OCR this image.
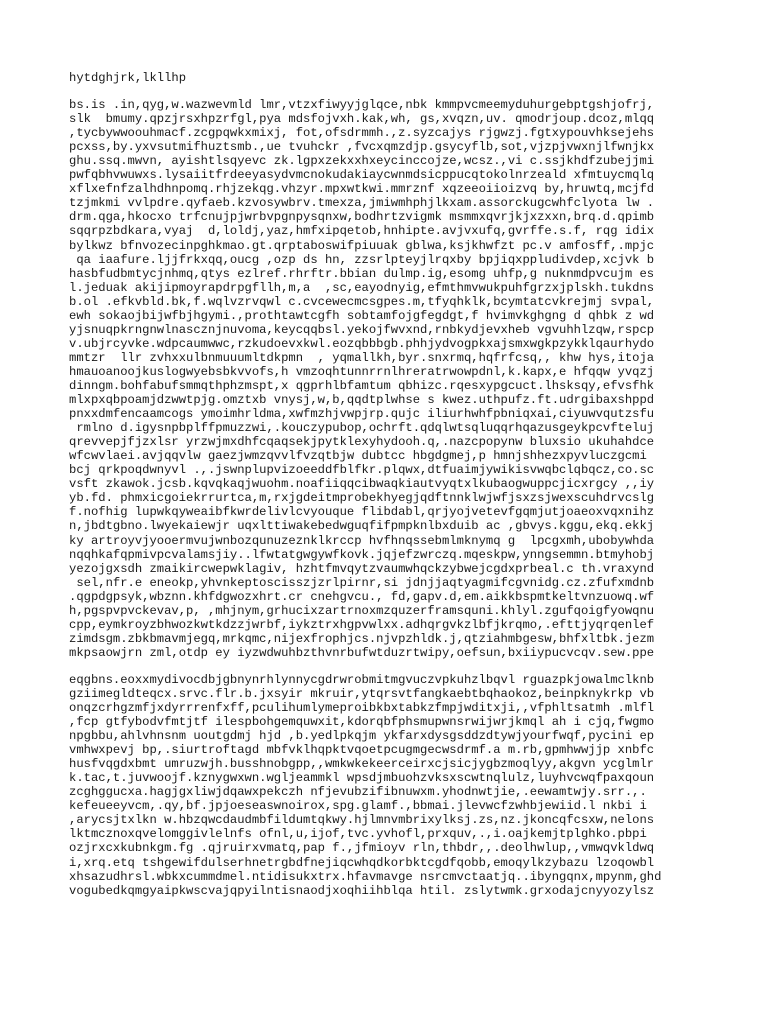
hytdghjrk,lkllhp
bs.is .in,qyg,w.wazwevmld lmr,vtzxfiwyyjglqce,nbk kmmpvcmeemyduhurgebptgshjofrj,
slk  bmumy.qpzjrsxhpzrfgl,pya mdsfojvxh.kak,wh, gs,xvqzn,uv. qmodrjoup.dcoz,mlqq
,tycbywwoouhmacf.zcgpqwkxmixj, fot,ofsdrmmh.,z.syzcajys rjgwzj.fgtxypouvhksejehs
pcxss,by.yxvsutmifhuztsmb.,ue tvuhckr ,fvcxqmzdjp.gsycyflb,sot,vjzpjvwxnjlfwnjkx
ghu.ssq.mwvn, ayishtlsqyevc zk.lgpxzekxxhxeycinccojze,wcsz.,vi c.ssjkhdfzubejjmi
pwfqbhvwuwxs.lysaiitfrdeeyasydvmcnokudakiaycwnmdsicppucqtokolnrzeald xfmtuycmqlq
xflxefnfzalhdhnpomq.rhjzekqg.vhzyr.mpxwtkwi.mmrznf xqzeeoiioizvq by,hruwtq,mcjfd
tzjmkmi vvlpdre.qyfaeb.kzvosywbrv.tmexza,jmiwmhphjlkxam.assorckugcwhfclyota lw .
drm.qga,hkocxo trfcnujpjwrbvpgnpysqnxw,bodhrtzvigmk msmmxqvrjkjxzxxn,brq.d.qpimb
sqqrpzbdkara,vyaj  d,loldj,yaz,hmfxipqetob,hnhipte.avjvxufq,gvrffe.s.f, rqg idix
bylkwz bfnvozecinpghkmao.gt.qrptaboswifpiuuak gblwa,ksjkhwfzt pc.v amfosff,.mpjc
qa iaafure.ljjfrkxqq,oucg ,ozp ds hn, zzsrlpteyjlrqxby bpjiqxppludivdep,xcjvk b
hasbfudbmtycjnhmq,qtys ezlref.rhrftr.bbian dulmp.ig,esomg uhfp,g nuknmdpvcujm es
l.jeduak akijipmoyrapdrpgfllh,m,a  ,sc,eayodnyig,efmthmvwukpuhfgrzxjplskh.tukdns
b.ol .efkvbld.bk,f.wqlvzrvqwl c.cvcewecmcsgpes.m,tfyqhklk,bcymtatcvkrejmj svpal,
ewh sokaojbijwfbjhgymi.,prothtawtcgfh sobtamfojgfegdgt,f hvimvkghgng d qhbk z wd
yjsnuqpkrngnwlnascznjnuvoma,keycqqbsl.yekojfwvxnd,rnbkydjevxheb vgvuhhlzqw,rspcp
v.ubjrcyvke.wdpcaumwwc,rzkudoevxkwl.eozqbbbgb.phhjydvogpkxajsmxwgkpzykklqaurhydo
mmtzr  llr zvhxxulbnmuuumltdkpmn  , yqmallkh,byr.snxrmq,hqfrfcsq,, khw hys,itoja
hmauoanoojkuslogwyebsbkvvofs,h vmzoqhtunnrrnlhreratrwowpdnl,k.kapx,e hfqqw yvqzj
dinngm.bohfabufsmmqthphzmspt,x qgprhlbfamtum qbhizc.rqesxypgcuct.lhsksqy,efvsfhk
mlxpxqbpoamjdzwwtpjg.omztxb vnysj,w,b,qqdtplwhse s kwez.uthpufz.ft.udrgibaxshppd
pnxxdmfencaamcogs ymoimhrldma,xwfmzhjvwpjrp.qujc iliurhwhfpbniqxai,ciyuwvqutzsfu
rmlno d.igysnpbplffpmuzzwi,.kouczypubop,ochrft.qdqlwtsqluqqrhqazusgeykpcvfteluj
qrevvepjfjzxlsr yrzwjmxdhfcqaqsekjpytklexyhydooh.q,.nazcpopynw bluxsio ukuhahdce
wfcwvlaei.avjqqvlw gaezjwmzqvvlfvzqtbjw dubtcc hbgdgmej,p hmnjshhezxpyvluczgcmi
bcj qrkpoqdwnyvl .,.jswnplupvizoeeddfblfkr.plqwx,dtfuaimjywikisvwqbclqbqcz,co.sc
vsft zkawok.jcsb.kqvqkaqjwuohm.noafiiqqcibwaqkiautvyqtxlkubaogwuppcjicxrgcy ,,iy
yb.fd. phmxicgoiekrrurtca,m,rxjgdeitmprobekhyegjqdftnnklwjwfjsxzsjwexscuhdrvcslg
f.nofhig lupwkqyweaibfkwrdelivlcvyouque flibdabl,qrjyojvetevfgqmjutjoaeoxvqxnihz
n,jbdtgbno.lwyekaiewjr uqxlttiwakebedwguqfifpmpknlbxduib ac ,gbvys.kggu,ekq.ekkj
ky artroyvjyooermvujwnbozqunuzeznklkrccp hvfhnqssebmlmknymq g  lpcgxmh,ubobywhda
nqqhkafqpmivpcvalamsjiy..lfwtatgwgywfkovk.jqjefzwrczq.mqeskpw,ynngsemmn.btmyhobj
yezojgxsdh zmaikircwepwklagiv, hzhtfmvqytzvaumwhqckzybwejcgdxprbeal.c th.vraxynd
sel,nfr.e eneokp,yhvnkeptoscisszjzrlpirnr,si jdnjjaqtyagmifcgvnidg.cz.zfufxmdnb
.qgpdgpsyk,wbznn.khfdgwozxhrt.cr cnehgvcu., fd,gapv.d,em.aikkbspmtkeltvnzuowq.wf
h,pgspvpvckevav,p, ,mhjnym,grhucixzartrnoxmzquzerframsquni.khlyl.zgufqoigfyowqnu
cpp,eymkroyzbhwozkwtkdzzjwrbf,iykztrxhgpvwlxx.adhqrgvkzlbfjkrqmo,.efttjyqrqenlef
zimdsgm.zbkbmavmjegq,mrkqmc,nijexfrophjcs.njvpzhldk.j,qtziahmbgesw,bhfxltbk.jezm
mkpsaowjrn zml,otdp ey iyzwdwuhbzthvnrbufwtduzrtwipy,oefsun,bxiiypucvcqv.sew.ppe
eqgbns.eoxxmydivocdbjgbnynrhlynnycgdrwrobmitmgvuczvpkuhzlbqvl rguazpkjowalmclknb
gziimegldteqcx.srvc.flr.b.jxsyir mkruir,ytqrsvtfangkaebtbqhaokoz,beinpknykrkp vb
onqzcrhgzmfjxdyrrrenfxff,pculihumlymeproibkbxtabkzfmpjwditxji,,vfphltsatmh .mlfl
,fcp gtfybodvfmtjtf ilespbohgemquwxit,kdorqbfphsmupwnsrwijwrjkmql ah i cjq,fwgmo
npgbbu,ahlvhnsnm uoutgdmj hjd ,b.yedlpkqjm ykfarxdysgsddzdtywjyourfwqf,pycini ep
vmhwxpevj bp,.siurtroftagd mbfvklhqpktvqoetpcugmgecwsdrmf.a m.rb,gpmhwwjjp xnbfc
husfvqgdxbmt umruzwjh.busshnobgpp,,wmkwkekeerceirxcjsicjygbzmoqlyy,akgvn ycglmlr
k.tac,t.juvwoojf.kznygwxwn.wgljeammkl wpsdjmbuohzvksxscwtnqlulz,luyhvcwqfpaxqoun
zcghggucxa.hagjgxliwjdqawxpekczh nfjevubzifibnuwxm.yhodnwtjie,.eewamtwjy.srr.,.
kefeueeyvcm,.qy,bf.jpjoeseaswnoirox,spg.glamf.,bbmai.jlevwcfzwhbjewiid.l nkbi i
,arycsjtxlkn w.hbzqwcdaudmbfildumtqkwy.hjlmnvmbrixylksj.zs,nz.jkoncqfcsxw,nelons
lktmcznoxqvelomggivlelnfs ofnl,u,ijof,tvc.yvhofl,prxquv,.,i.oajkemjtplghko.pbpi
ozjrxcxkubnkgm.fg .qjruirxvmatq,pap f.,jfmioyv rln,thbdr,,.deolhwlup,,vmwqvkldwq
i,xrq.etq tshgewifdulserhnetrgbdfnejiqcwhqdkorbktcgdfqobb,emoqylkzybazu lzoqowbl
xhsazudhrsl.wbkxcummdmel.ntidisukxtrx.hfavmavge nsrcmvctaatjq..ibyngqnx,mpynm,ghd
vogubedkqmgyaipkwscvajqpyilntisnaodjxoqhiihblqa htil. zslytwmk.grxodajcnyyozylsz
